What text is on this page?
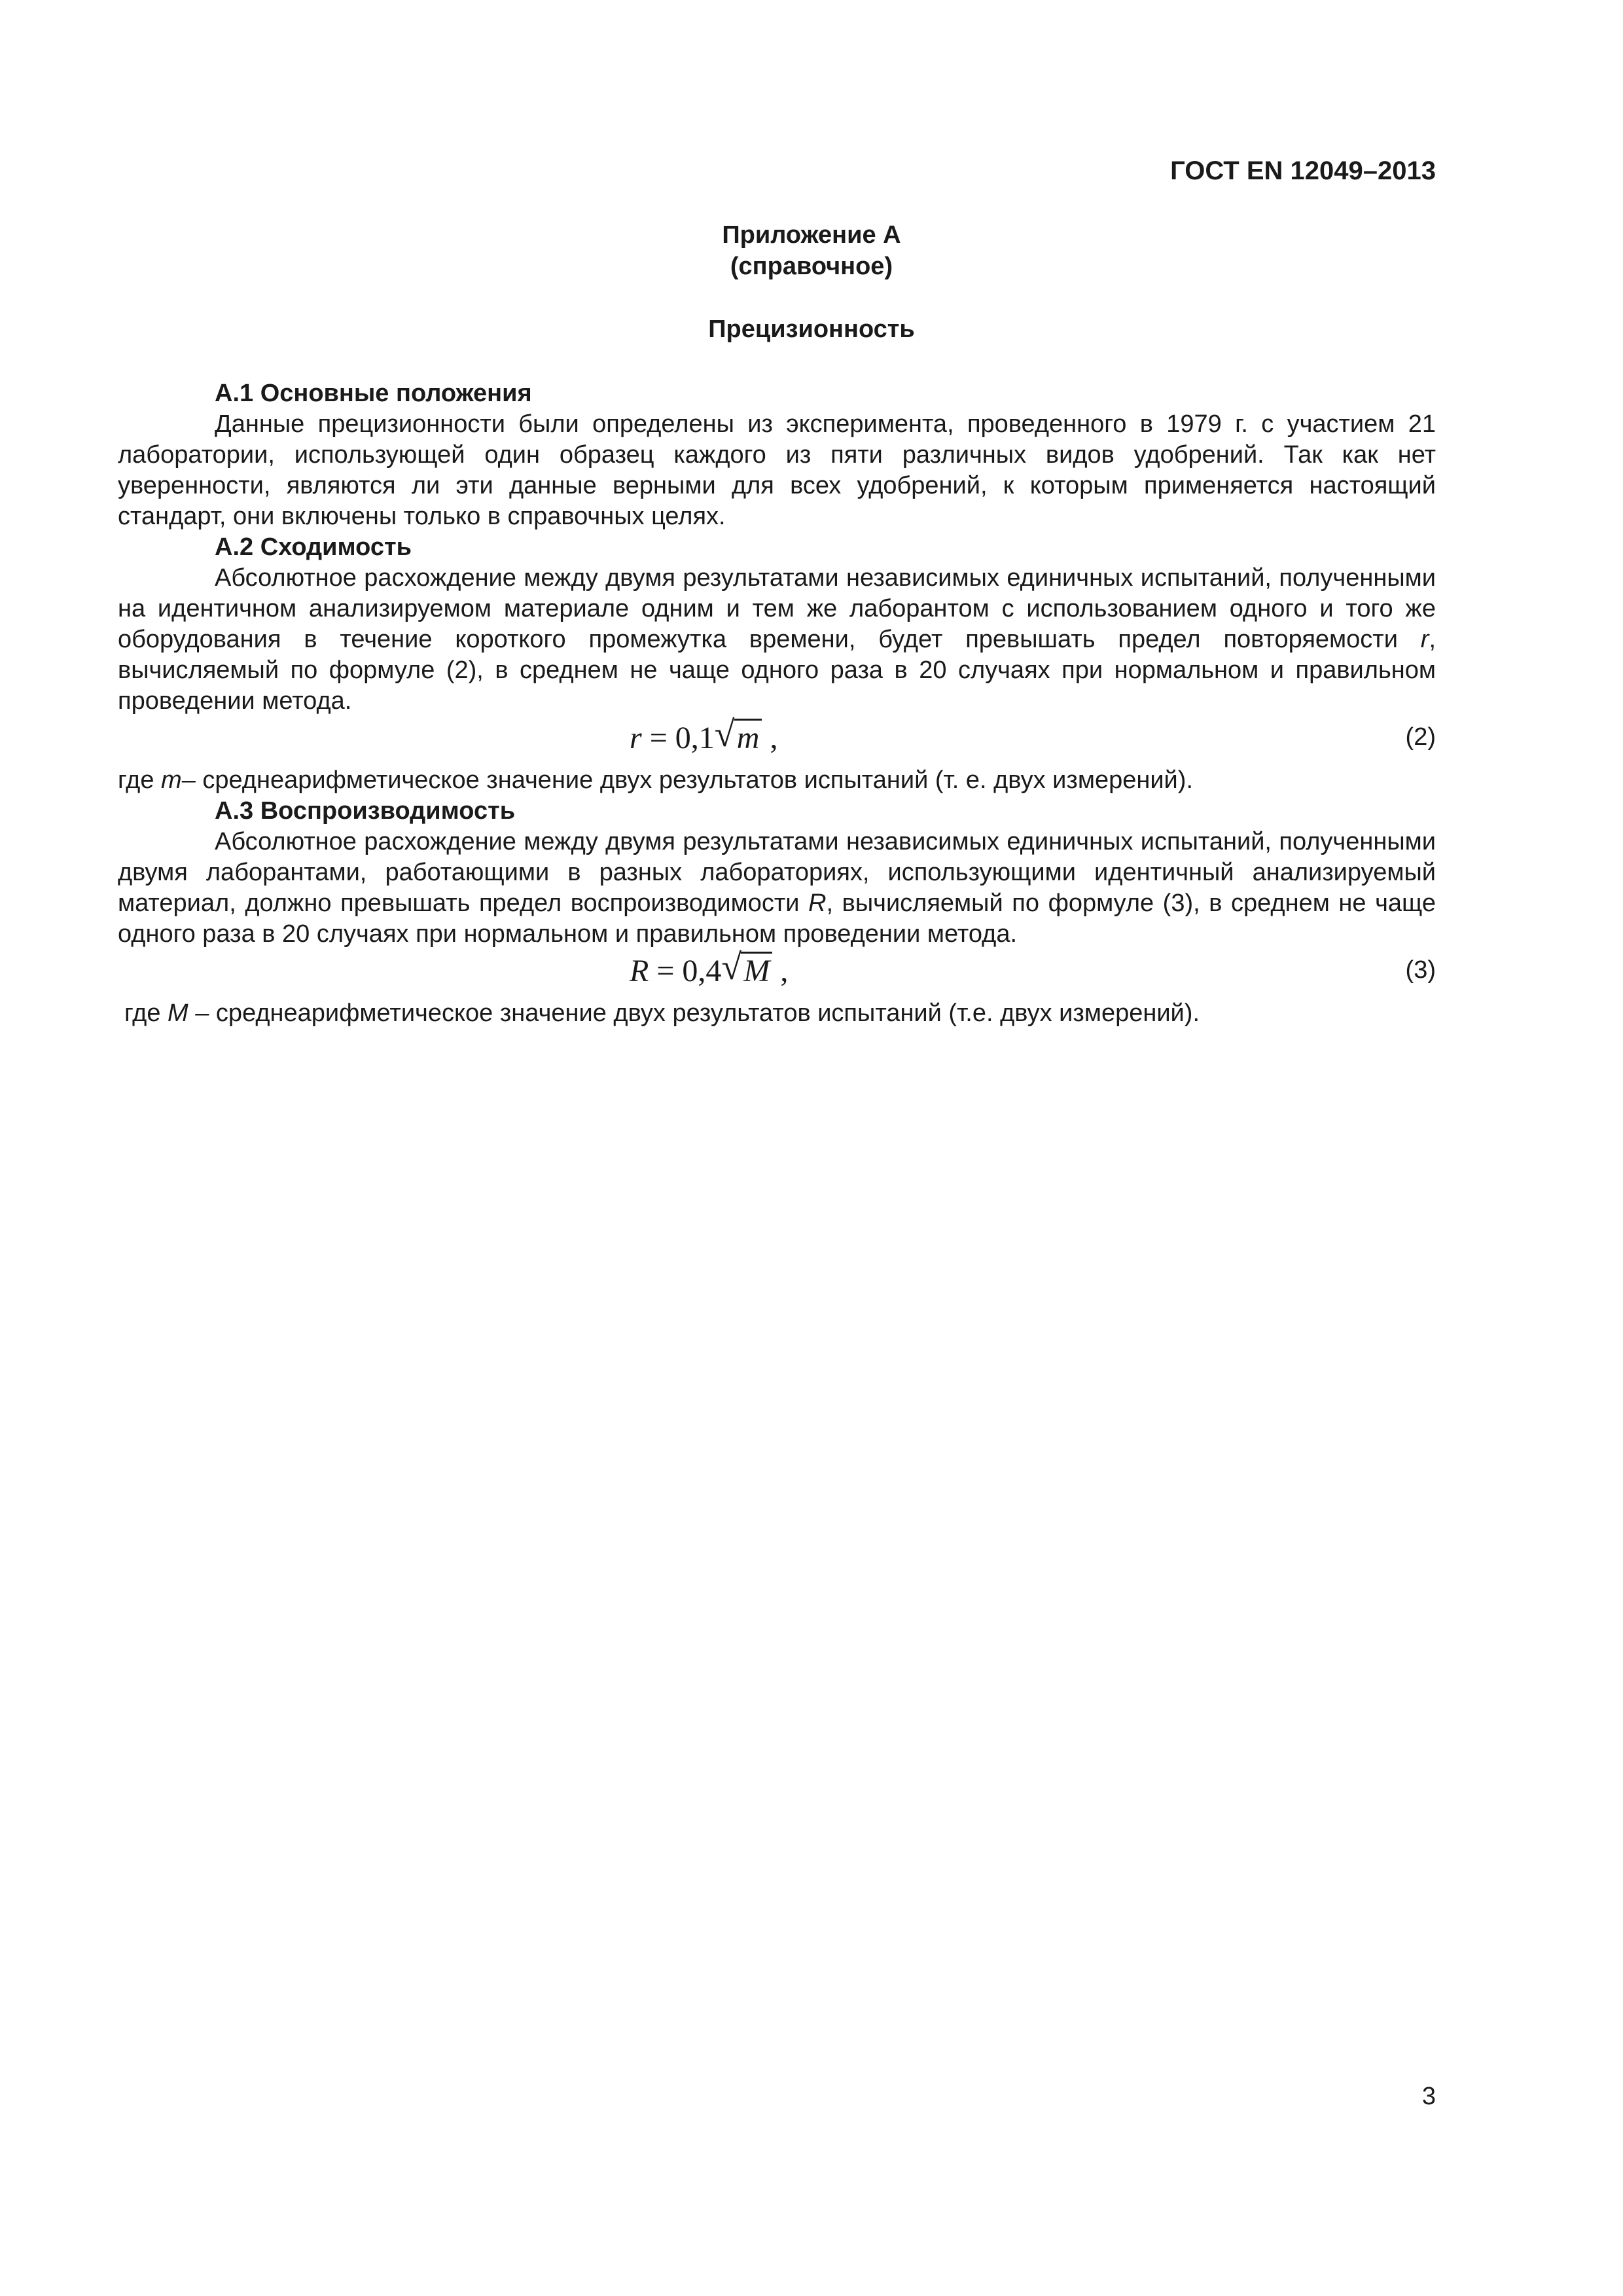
ГОСТ EN 12049–2013
Приложение А
(справочное)
Прецизионность

А.1 Основные положения

Данные прецизионности были определены из эксперимента, проведенного в 1979 г. с участием 21 лаборатории, использующей один образец каждого из пяти различных видов удобрений. Так как нет уверенности, являются ли эти данные верными для всех удобрений, к которым применяется настоящий стандарт, они включены только в справочных целях.

А.2 Сходимость

Абсолютное расхождение между двумя результатами независимых единичных испытаний, полученными на идентичном анализируемом материале одним и тем же лаборантом с использованием одного и того же оборудования в течение короткого промежутка времени, будет превышать предел повторяемости r, вычисляемый по формуле (2), в среднем не чаще одного раза в 20 случаях при нормальном и правильном проведении метода.

r = 0,1 √ m ,	(2)

где m– среднеарифметическое значение двух результатов испытаний (т. е. двух измерений).

А.3 Воспроизводимость

Абсолютное расхождение между двумя результатами независимых единичных испытаний, полученными двумя лаборантами, работающими в разных лабораториях, использующими идентичный анализируемый материал, должно превышать предел воспроизводимости R, вычисляемый по формуле (3), в среднем не чаще одного раза в 20 случаях при нормальном и правильном проведении метода.

R = 0,4 √ M ,	(3)

где M – среднеарифметическое значение двух результатов испытаний (т.е. двух измерений).

3
